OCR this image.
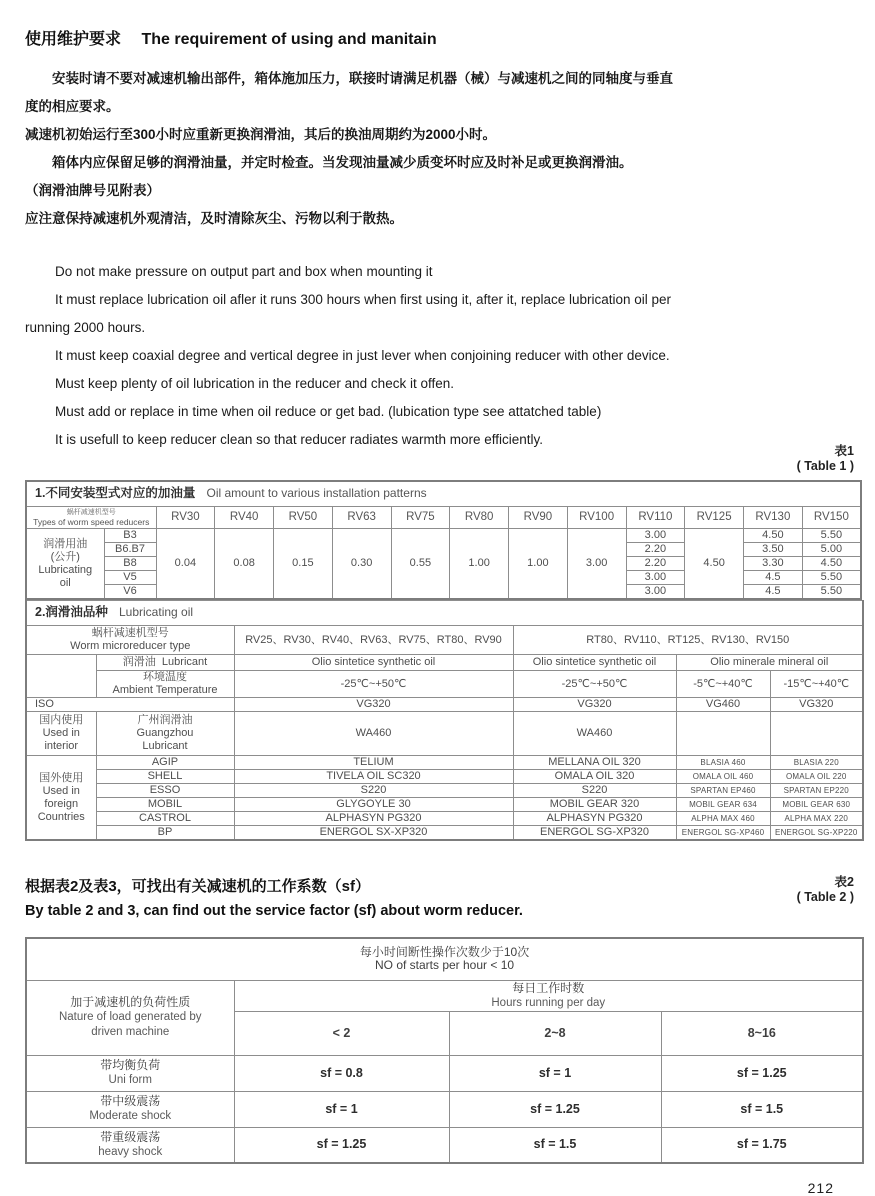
使用维护要求 The requirement of using and manitain

安装时请不要对减速机输出部件，箱体施加压力，联接时请满足机器（械）与减速机之间的同轴度与垂直

度的相应要求。

减速机初始运行至300小时应重新更换润滑油，其后的换油周期约为2000小时。

箱体内应保留足够的润滑油量，并定时检查。当发现油量减少质变坏时应及时补足或更换润滑油。

（润滑油牌号见附表）

应注意保持减速机外观清洁，及时清除灰尘、污物以利于散热。

Do not make pressure on output part and box when mounting it

It must replace lubrication oil afler it runs 300 hours when first using it, after it, replace lubrication oil per

running 2000 hours.

It must keep coaxial degree and vertical degree in just lever when conjoining reducer with other device.

Must keep plenty of oil lubrication in the reducer and check it offen.

Must add or replace in time when oil reduce or get bad. (lubication type see attatched table)

It is usefull to keep reducer clean so that reducer radiates warmth more efficiently.

表1
( Table 1 )
1.不同安装型式对应的加油量 Oil amount to various installation patterns													

蜗杆减速机型号
Types of worm speed reducers		RV30	RV40	RV50	RV63	RV75	RV80	RV90	RV100	RV110	RV125	RV130	RV150

润滑用油
(公升)
Lubricating
oil	B3	0.04	0.08	0.15	0.30	0.55	1.00	1.00	3.00	3.00	4.50	4.50	5.50
	B6.B7									2.20		3.50	5.00
	B8									2.20		3.30	4.50
	V5									3.00		4.5	5.50
	V6									3.00		4.5	5.50
2.润滑油品种 Lubricating oil					

蜗杆减速机型号
Worm microreducer type		RV25、RV30、RV40、RV63、RV75、RT80、RV90	RT80、RV110、RT125、RV130、RV150		
	润滑油 Lubricant	Olio sintetice synthetic oil	Olio sintetice synthetic oil	Olio minerale mineral oil	

	环境温度
Ambient Temperature	-25℃~+50℃	-25℃~+50℃	-5℃~+40℃	-15℃~+40℃
ISO		VG320	VG320	VG460	VG320

国内使用
Used in
interior

广州润滑油
Guangzhou
Lubricant
	WA460	WA460		

国外使用
Used in
foreign
Countries	AGIP	TELIUM	MELLANA OIL 320	BLASIA 460	BLASIA 220
	SHELL	TIVELA OIL SC320	OMALA OIL 320	OMALA OIL 460	OMALA OIL 220
	ESSO	S220	S220	SPARTAN EP460	SPARTAN EP220
	MOBIL	GLYGOYLE 30	MOBIL GEAR 320	MOBIL GEAR 634	MOBIL GEAR 630
	CASTROL	ALPHASYN PG320	ALPHASYN PG320	ALPHA MAX 460	ALPHA MAX 220
	BP	ENERGOL SX-XP320	ENERGOL SG-XP320	ENERGOL SG-XP460	ENERGOL SG-XP220

根据表2及表3，可找出有关减速机的工作系数（sf）

By table 2 and 3, can find out the service factor (sf) about worm reducer.

表2
( Table 2 )
每小时间断性操作次数少于10次
NO of starts per hour < 10			

加于减速机的负荷性质
Nature of load generated by
driven machine

每日工作时数
Hours running per day

	< 2	2~8	8~16

带均衡负荷
Uni form	sf = 0.8	sf = 1	sf = 1.25

带中级震荡
Moderate shock	sf = 1	sf = 1.25	sf = 1.5

带重级震荡
heavy shock	sf = 1.25	sf = 1.5	sf = 1.75
212
